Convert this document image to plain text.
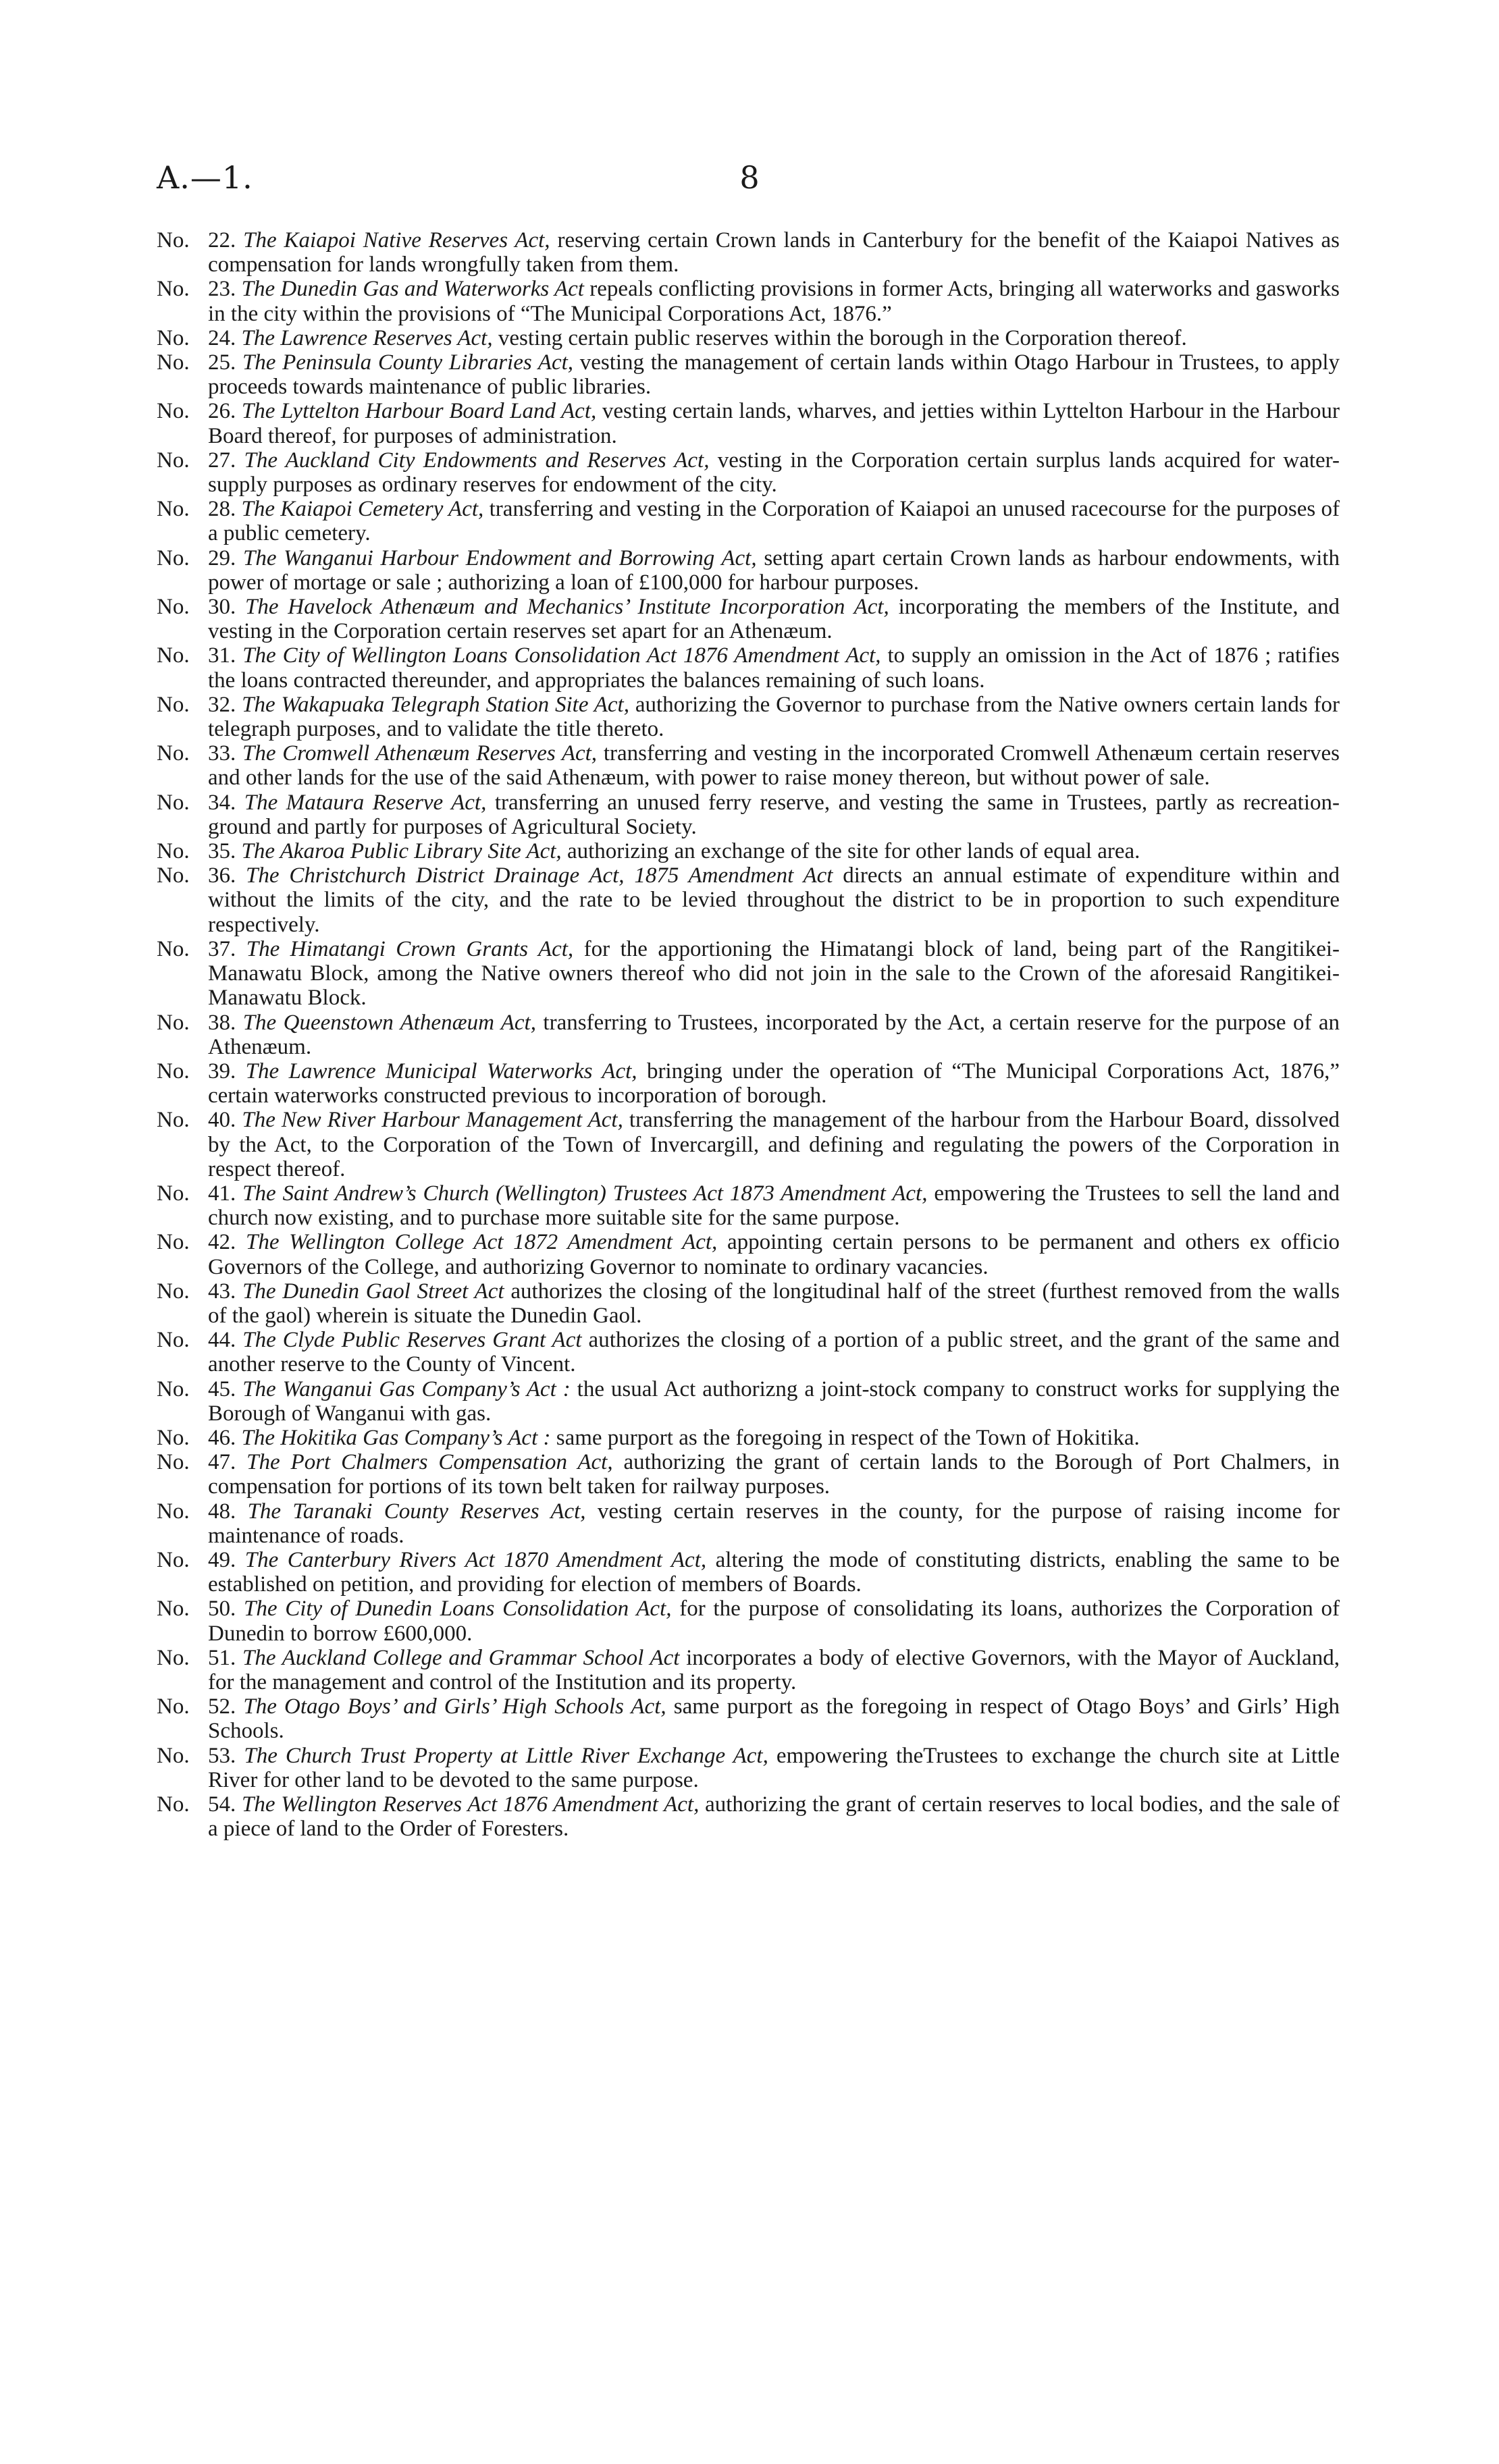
A.—1.	8
No. 22. The Kaiapoi Native Reserves Act, reserving certain Crown lands in Canterbury for the benefit of the Kaiapoi Natives as compensation for lands wrongfully taken from them.
No. 23. The Dunedin Gas and Waterworks Act repeals conflicting provisions in former Acts, bringing all waterworks and gasworks in the city within the provisions of “The Municipal Corporations Act, 1876.”
No. 24. The Lawrence Reserves Act, vesting certain public reserves within the borough in the Corporation thereof.
No. 25. The Peninsula County Libraries Act, vesting the management of certain lands within Otago Harbour in Trustees, to apply proceeds towards maintenance of public libraries.
No. 26. The Lyttelton Harbour Board Land Act, vesting certain lands, wharves, and jetties within Lyttelton Harbour in the Harbour Board thereof, for purposes of administration.
No. 27. The Auckland City Endowments and Reserves Act, vesting in the Corporation certain surplus lands acquired for water-supply purposes as ordinary reserves for endowment of the city.
No. 28. The Kaiapoi Cemetery Act, transferring and vesting in the Corporation of Kaiapoi an unused racecourse for the purposes of a public cemetery.
No. 29. The Wanganui Harbour Endowment and Borrowing Act, setting apart certain Crown lands as harbour endowments, with power of mortage or sale ; authorizing a loan of £100,000 for harbour purposes.
No. 30. The Havelock Athenæum and Mechanics’ Institute Incorporation Act, incorporating the members of the Institute, and vesting in the Corporation certain reserves set apart for an Athenæum.
No. 31. The City of Wellington Loans Consolidation Act 1876 Amendment Act, to supply an omission in the Act of 1876 ; ratifies the loans contracted thereunder, and appropriates the balances remaining of such loans.
No. 32. The Wakapuaka Telegraph Station Site Act, authorizing the Governor to purchase from the Native owners certain lands for telegraph purposes, and to validate the title thereto.
No. 33. The Cromwell Athenæum Reserves Act, transferring and vesting in the incorporated Cromwell Athenæum certain reserves and other lands for the use of the said Athenæum, with power to raise money thereon, but without power of sale.
No. 34. The Mataura Reserve Act, transferring an unused ferry reserve, and vesting the same in Trustees, partly as recreation-ground and partly for purposes of Agricultural Society.
No. 35. The Akaroa Public Library Site Act, authorizing an exchange of the site for other lands of equal area.
No. 36. The Christchurch District Drainage Act, 1875 Amendment Act directs an annual estimate of expenditure within and without the limits of the city, and the rate to be levied throughout the district to be in proportion to such expenditure respectively.
No. 37. The Himatangi Crown Grants Act, for the apportioning the Himatangi block of land, being part of the Rangitikei-Manawatu Block, among the Native owners thereof who did not join in the sale to the Crown of the aforesaid Rangitikei-Manawatu Block.
No. 38. The Queenstown Athenæum Act, transferring to Trustees, incorporated by the Act, a certain reserve for the purpose of an Athenæum.
No. 39. The Lawrence Municipal Waterworks Act, bringing under the operation of “The Municipal Corporations Act, 1876,” certain waterworks constructed previous to incorporation of borough.
No. 40. The New River Harbour Management Act, transferring the management of the harbour from the Harbour Board, dissolved by the Act, to the Corporation of the Town of Invercargill, and defining and regulating the powers of the Corporation in respect thereof.
No. 41. The Saint Andrew’s Church (Wellington) Trustees Act 1873 Amendment Act, empowering the Trustees to sell the land and church now existing, and to purchase more suitable site for the same purpose.
No. 42. The Wellington College Act 1872 Amendment Act, appointing certain persons to be permanent and others ex officio Governors of the College, and authorizing Governor to nominate to ordinary vacancies.
No. 43. The Dunedin Gaol Street Act authorizes the closing of the longitudinal half of the street (furthest removed from the walls of the gaol) wherein is situate the Dunedin Gaol.
No. 44. The Clyde Public Reserves Grant Act authorizes the closing of a portion of a public street, and the grant of the same and another reserve to the County of Vincent.
No. 45. The Wanganui Gas Company’s Act : the usual Act authorizng a joint-stock company to construct works for supplying the Borough of Wanganui with gas.
No. 46. The Hokitika Gas Company’s Act : same purport as the foregoing in respect of the Town of Hokitika.
No. 47. The Port Chalmers Compensation Act, authorizing the grant of certain lands to the Borough of Port Chalmers, in compensation for portions of its town belt taken for railway purposes.
No. 48. The Taranaki County Reserves Act, vesting certain reserves in the county, for the purpose of raising income for maintenance of roads.
No. 49. The Canterbury Rivers Act 1870 Amendment Act, altering the mode of constituting districts, enabling the same to be established on petition, and providing for election of members of Boards.
No. 50. The City of Dunedin Loans Consolidation Act, for the purpose of consolidating its loans, authorizes the Corporation of Dunedin to borrow £600,000.
No. 51. The Auckland College and Grammar School Act incorporates a body of elective Governors, with the Mayor of Auckland, for the management and control of the Institution and its property.
No. 52. The Otago Boys’ and Girls’ High Schools Act, same purport as the foregoing in respect of Otago Boys’ and Girls’ High Schools.
No. 53. The Church Trust Property at Little River Exchange Act, empowering theTrustees to exchange the church site at Little River for other land to be devoted to the same purpose.
No. 54. The Wellington Reserves Act 1876 Amendment Act, authorizing the grant of certain reserves to local bodies, and the sale of a piece of land to the Order of Foresters.
